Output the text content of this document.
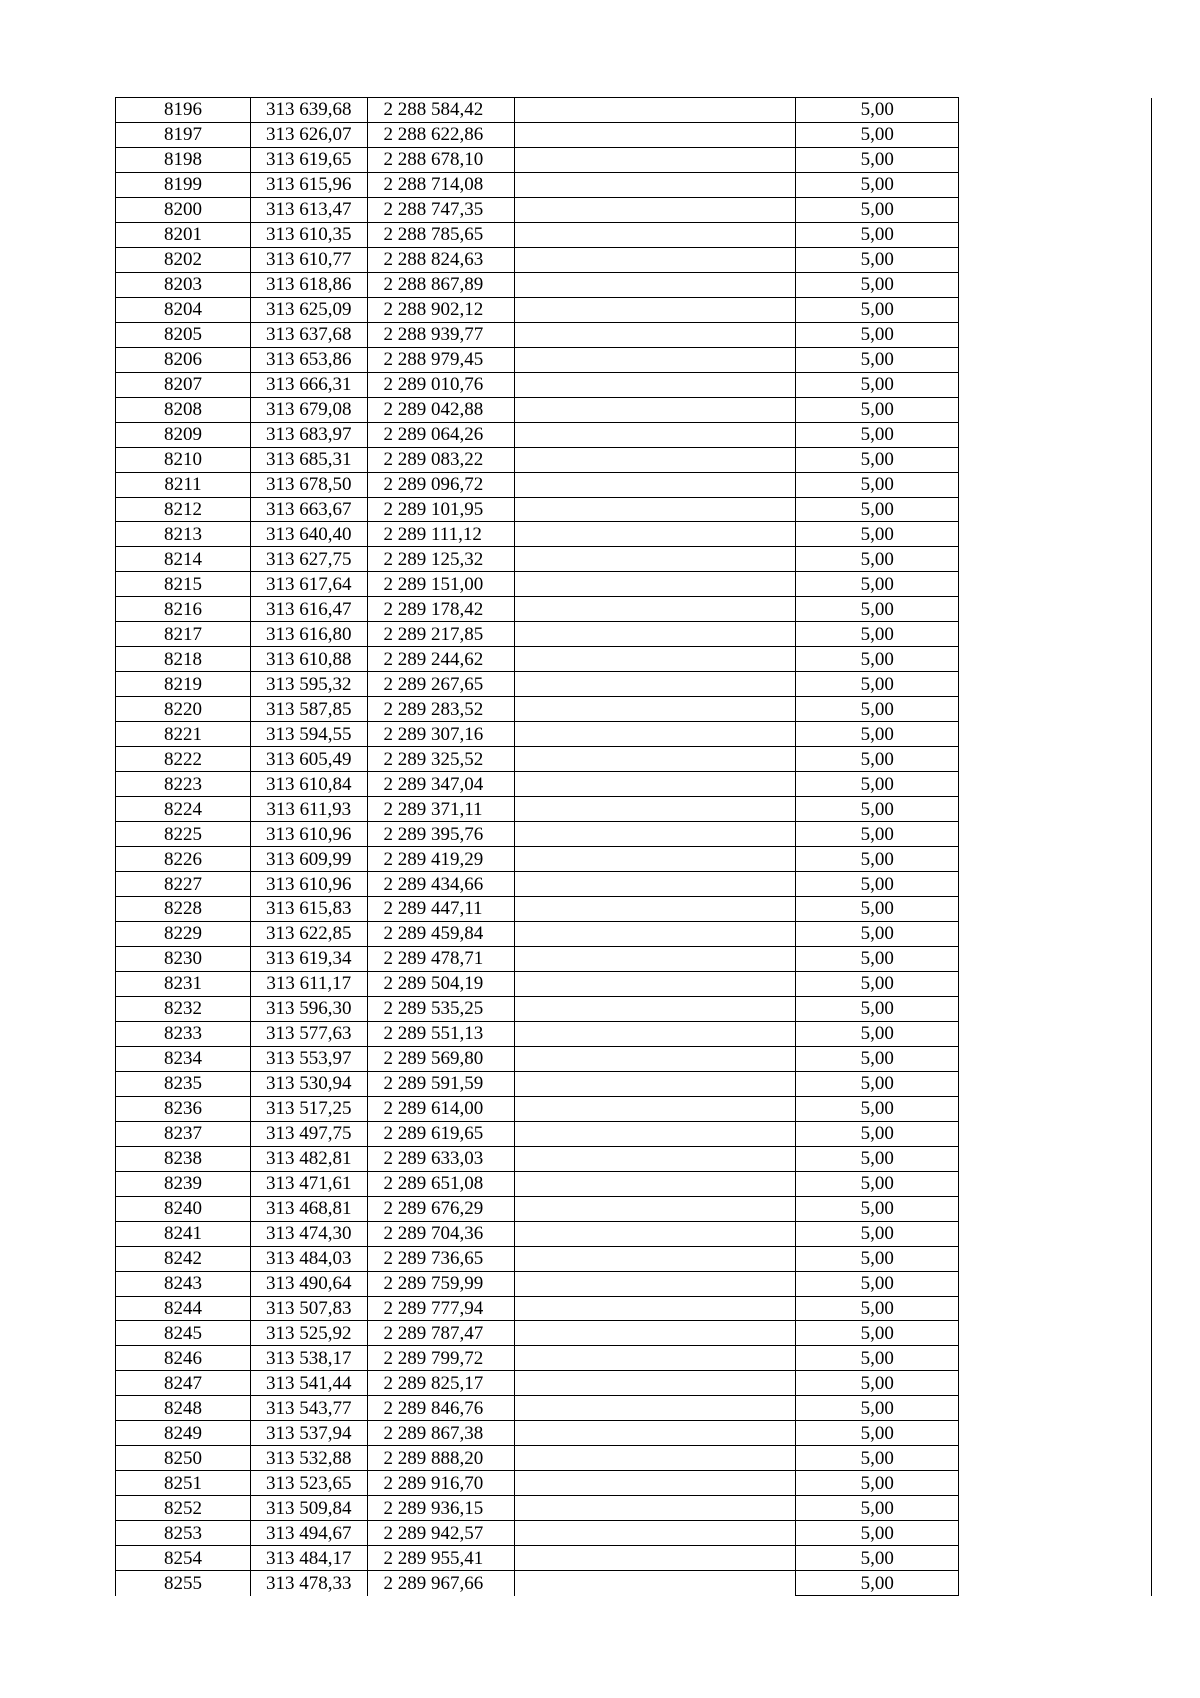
8196	313 639,68	2 288 584,42		5,00	
8197	313 626,07	2 288 622,86		5,00	
8198	313 619,65	2 288 678,10		5,00	
8199	313 615,96	2 288 714,08		5,00	
8200	313 613,47	2 288 747,35		5,00	
8201	313 610,35	2 288 785,65		5,00	
8202	313 610,77	2 288 824,63		5,00	
8203	313 618,86	2 288 867,89		5,00	
8204	313 625,09	2 288 902,12		5,00	
8205	313 637,68	2 288 939,77		5,00	
8206	313 653,86	2 288 979,45		5,00	
8207	313 666,31	2 289 010,76		5,00	
8208	313 679,08	2 289 042,88		5,00	
8209	313 683,97	2 289 064,26		5,00	
8210	313 685,31	2 289 083,22		5,00	
8211	313 678,50	2 289 096,72		5,00	
8212	313 663,67	2 289 101,95		5,00	
8213	313 640,40	2 289 111,12		5,00	
8214	313 627,75	2 289 125,32		5,00	
8215	313 617,64	2 289 151,00		5,00	
8216	313 616,47	2 289 178,42		5,00	
8217	313 616,80	2 289 217,85		5,00	
8218	313 610,88	2 289 244,62		5,00	
8219	313 595,32	2 289 267,65		5,00	
8220	313 587,85	2 289 283,52		5,00	
8221	313 594,55	2 289 307,16		5,00	
8222	313 605,49	2 289 325,52		5,00	
8223	313 610,84	2 289 347,04		5,00	
8224	313 611,93	2 289 371,11		5,00	
8225	313 610,96	2 289 395,76		5,00	
8226	313 609,99	2 289 419,29		5,00	
8227	313 610,96	2 289 434,66		5,00	
8228	313 615,83	2 289 447,11		5,00	
8229	313 622,85	2 289 459,84		5,00	
8230	313 619,34	2 289 478,71		5,00	
8231	313 611,17	2 289 504,19		5,00	
8232	313 596,30	2 289 535,25		5,00	
8233	313 577,63	2 289 551,13		5,00	
8234	313 553,97	2 289 569,80		5,00	
8235	313 530,94	2 289 591,59		5,00	
8236	313 517,25	2 289 614,00		5,00	
8237	313 497,75	2 289 619,65		5,00	
8238	313 482,81	2 289 633,03		5,00	
8239	313 471,61	2 289 651,08		5,00	
8240	313 468,81	2 289 676,29		5,00	
8241	313 474,30	2 289 704,36		5,00	
8242	313 484,03	2 289 736,65		5,00	
8243	313 490,64	2 289 759,99		5,00	
8244	313 507,83	2 289 777,94		5,00	
8245	313 525,92	2 289 787,47		5,00	
8246	313 538,17	2 289 799,72		5,00	
8247	313 541,44	2 289 825,17		5,00	
8248	313 543,77	2 289 846,76		5,00	
8249	313 537,94	2 289 867,38		5,00	
8250	313 532,88	2 289 888,20		5,00	
8251	313 523,65	2 289 916,70		5,00	
8252	313 509,84	2 289 936,15		5,00	
8253	313 494,67	2 289 942,57		5,00	
8254	313 484,17	2 289 955,41		5,00	
8255	313 478,33	2 289 967,66		5,00	
